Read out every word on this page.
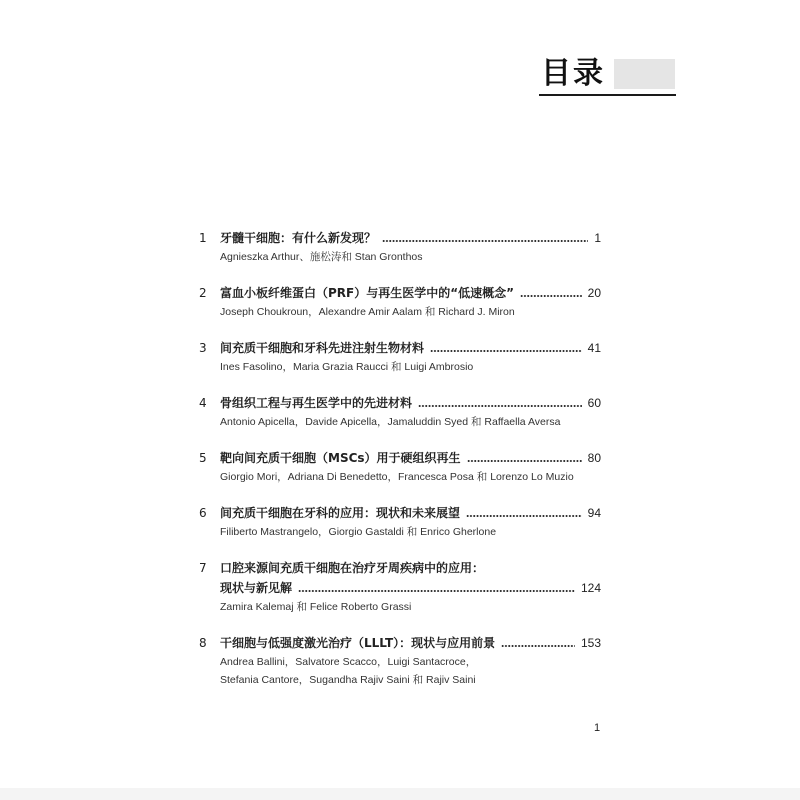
目录
1 牙髓干细胞：有什么新发现？	1
Agnieszka Arthur、施松涛和 Stan Gronthos
2 富血小板纤维蛋白（PRF）与再生医学中的“低速概念”	20
Joseph Choukroun，Alexandre Amir Aalam 和 Richard J. Miron
3 间充质干细胞和牙科先进注射生物材料	41
Ines Fasolino，Maria Grazia Raucci 和 Luigi Ambrosio
4 骨组织工程与再生医学中的先进材料	60
Antonio Apicella，Davide Apicella，Jamaluddin Syed 和 Raffaella Aversa
5 靶向间充质干细胞（MSCs）用于硬组织再生	80
Giorgio Mori，Adriana Di Benedetto，Francesca Posa 和 Lorenzo Lo Muzio
6 间充质干细胞在牙科的应用：现状和未来展望	94
Filiberto Mastrangelo，Giorgio Gastaldi 和 Enrico Gherlone
7 口腔来源间充质干细胞在治疗牙周疾病中的应用：
现状与新见解	124
Zamira Kalemaj 和 Felice Roberto Grassi
8 干细胞与低强度激光治疗（LLLT）：现状与应用前景	153
Andrea Ballini，Salvatore Scacco，Luigi Santacroce，
Stefania Cantore，Sugandha Rajiv Saini 和 Rajiv Saini
1
